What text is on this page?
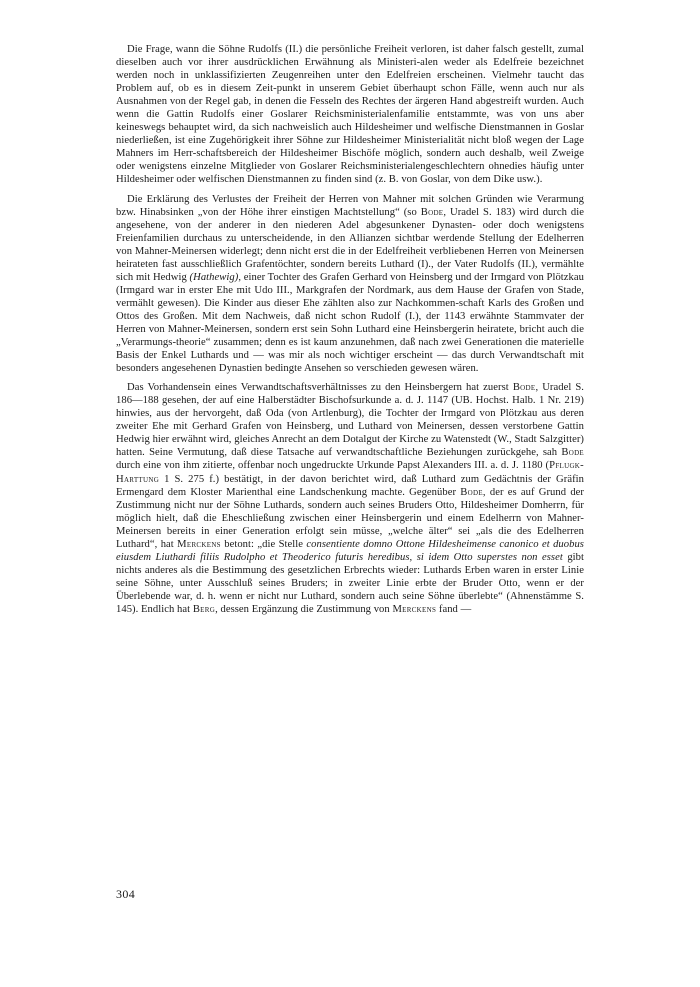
Die Frage, wann die Söhne Rudolfs (II.) die persönliche Freiheit verloren, ist daher falsch gestellt, zumal dieselben auch vor ihrer ausdrücklichen Erwähnung als Ministeri-alen weder als Edelfreie bezeichnet werden noch in unklassifizierten Zeugenreihen unter den Edelfreien erscheinen. Vielmehr taucht das Problem auf, ob es in diesem Zeit-punkt in unserem Gebiet überhaupt schon Fälle, wenn auch nur als Ausnahmen von der Regel gab, in denen die Fesseln des Rechtes der ärgeren Hand abgestreift wurden. Auch wenn die Gattin Rudolfs einer Goslarer Reichsministerialenfamilie entstammte, was von uns aber keineswegs behauptet wird, da sich nachweislich auch Hildesheimer und welfische Dienstmannen in Goslar niederließen, ist eine Zugehörigkeit ihrer Söhne zur Hildesheimer Ministerialität nicht bloß wegen der Lage Mahners im Herr-schaftsbereich der Hildesheimer Bischöfe möglich, sondern auch deshalb, weil Zweige oder wenigstens einzelne Mitglieder von Goslarer Reichsministerialengeschlechtern ohnedies häufig unter Hildesheimer oder welfischen Dienstmannen zu finden sind (z. B. von Goslar, von dem Dike usw.).

Die Erklärung des Verlustes der Freiheit der Herren von Mahner mit solchen Gründen wie Verarmung bzw. Hinabsinken „von der Höhe ihrer einstigen Machtstellung“ (so Bode, Uradel S. 183) wird durch die angesehene, von der anderer in den niederen Adel abgesunkener Dynasten- oder doch wenigstens Freienfamilien durchaus zu unterscheidende, in den Allianzen sichtbar werdende Stellung der Edelherren von Mahner-Meinersen widerlegt; denn nicht erst die in der Edelfreiheit verbliebenen Herren von Meinersen heirateten fast ausschließlich Grafentöchter, sondern bereits Luthard (I)., der Vater Rudolfs (II.), vermählte sich mit Hedwig (Hathewig), einer Tochter des Grafen Gerhard von Heinsberg und der Irmgard von Plötzkau (Irmgard war in erster Ehe mit Udo III., Markgrafen der Nordmark, aus dem Hause der Grafen von Stade, vermählt gewesen). Die Kinder aus dieser Ehe zählten also zur Nachkommen-schaft Karls des Großen und Ottos des Großen. Mit dem Nachweis, daß nicht schon Rudolf (I.), der 1143 erwähnte Stammvater der Herren von Mahner-Meinersen, sondern erst sein Sohn Luthard eine Heinsbergerin heiratete, bricht auch die „Verarmungs-theorie“ zusammen; denn es ist kaum anzunehmen, daß nach zwei Generationen die materielle Basis der Enkel Luthards und — was mir als noch wichtiger erscheint — das durch Verwandtschaft mit besonders angesehenen Dynastien bedingte Ansehen so verschieden gewesen wären.

Das Vorhandensein eines Verwandtschaftsverhältnisses zu den Heinsbergern hat zuerst Bode, Uradel S. 186—188 gesehen, der auf eine Halberstädter Bischofsurkunde a. d. J. 1147 (UB. Hochst. Halb. 1 Nr. 219) hinwies, aus der hervorgeht, daß Oda (von Artlenburg), die Tochter der Irmgard von Plötzkau aus deren zweiter Ehe mit Gerhard Grafen von Heinsberg, und Luthard von Meinersen, dessen verstorbene Gattin Hedwig hier erwähnt wird, gleiches Anrecht an dem Dotalgut der Kirche zu Watenstedt (W., Stadt Salzgitter) hatten. Seine Vermutung, daß diese Tatsache auf verwandtschaftliche Beziehungen zurückgehe, sah Bode durch eine von ihm zitierte, offenbar noch ungedruckte Urkunde Papst Alexanders III. a. d. J. 1180 (Pflugk-Harttung 1 S. 275 f.) bestätigt, in der davon berichtet wird, daß Luthard zum Gedächtnis der Gräfin Ermengard dem Kloster Marienthal eine Landschenkung machte. Gegenüber Bode, der es auf Grund der Zustimmung nicht nur der Söhne Luthards, sondern auch seines Bruders Otto, Hildesheimer Domherrn, für möglich hielt, daß die Eheschließung zwischen einer Heinsbergerin und einem Edelherrn von Mahner-Meinersen bereits in einer Generation erfolgt sein müsse, „welche älter“ sei „als die des Edelherren Luthard“, hat Merckens betont: „die Stelle consentiente domno Ottone Hildesheimense canonico et duobus eiusdem Liuthardi filiis Rudolpho et Theoderico futuris heredibus, si idem Otto superstes non esset gibt nichts anderes als die Bestimmung des gesetzlichen Erbrechts wieder: Luthards Erben waren in erster Linie seine Söhne, unter Ausschluß seines Bruders; in zweiter Linie erbte der Bruder Otto, wenn er der Überlebende war, d. h. wenn er nicht nur Luthard, sondern auch seine Söhne überlebte“ (Ahnenstämme S. 145). Endlich hat Berg, dessen Ergänzung die Zustimmung von Merckens fand —

304
